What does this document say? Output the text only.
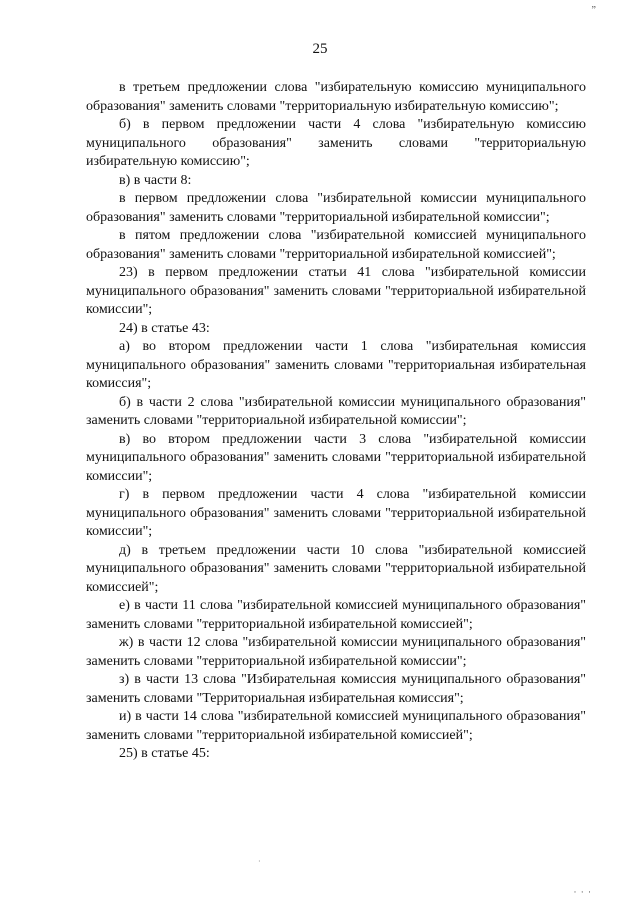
„
25

в третьем предложении слова "избирательную комиссию муниципального образования" заменить словами "территориальную избирательную комиссию";

б) в первом предложении части 4 слова "избирательную комиссию муниципального образования" заменить словами "территориальную избирательную комиссию";

в) в части 8:

в первом предложении слова "избирательной комиссии муниципального образования" заменить словами "территориальной избирательной комиссии";

в пятом предложении слова "избирательной комиссией муниципального образования" заменить словами "территориальной избирательной комиссией";

23) в первом предложении статьи 41 слова "избирательной комиссии муниципального образования" заменить словами "территориальной избирательной комиссии";

24) в статье 43:

а) во втором предложении части 1 слова "избирательная комиссия муниципального образования" заменить словами "территориальная избирательная комиссия";

б) в части 2 слова "избирательной комиссии муниципального образования" заменить словами "территориальной избирательной комиссии";

в) во втором предложении части 3 слова "избирательной комиссии муниципального образования" заменить словами "территориальной избирательной комиссии";

г) в первом предложении части 4 слова "избирательной комиссии муниципального образования" заменить словами "территориальной избирательной комиссии";

д) в третьем предложении части 10 слова "избирательной комиссией муниципального образования" заменить словами "территориальной избирательной комиссией";

е) в части 11 слова "избирательной комиссией муниципального образования" заменить словами "территориальной избирательной комиссией";

ж) в части 12 слова "избирательной комиссии муниципального образования" заменить словами "территориальной избирательной комиссии";

з) в части 13 слова "Избирательная комиссия муниципального образования" заменить словами "Территориальная избирательная комиссия";

и) в части 14 слова "избирательной комиссией муниципального образования" заменить словами "территориальной избирательной комиссией";

25) в статье 45:

·
· · ·
